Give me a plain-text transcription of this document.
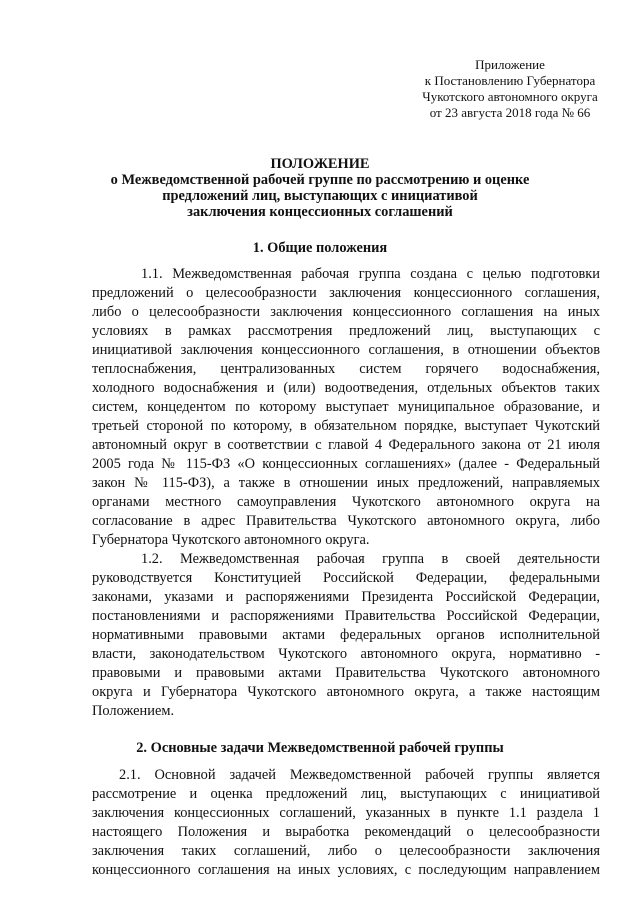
Приложение
к Постановлению Губернатора
Чукотского автономного округа
от 23 августа 2018 года № 66
ПОЛОЖЕНИЕ
о Межведомственной рабочей группе по рассмотрению и оценке
предложений лиц, выступающих с инициативой
заключения концессионных соглашений
1. Общие положения
1.1. Межведомственная рабочая группа создана с целью подготовки
предложений о целесообразности заключения концессионного соглашения,
либо о целесообразности заключения концессионного соглашения на иных
условиях в рамках рассмотрения предложений лиц, выступающих с
инициативой заключения концессионного соглашения, в отношении объектов
теплоснабжения, централизованных систем горячего водоснабжения,
холодного водоснабжения и (или) водоотведения, отдельных объектов таких
систем, концедентом по которому выступает муниципальное образование, и
третьей стороной по которому, в обязательном порядке, выступает Чукотский
автономный округ в соответствии с главой 4 Федерального закона от 21 июля
2005 года № 115-ФЗ «О концессионных соглашениях» (далее - Федеральный
закон № 115-ФЗ), а также в отношении иных предложений, направляемых
органами местного самоуправления Чукотского автономного округа на
согласование в адрес Правительства Чукотского автономного округа, либо
Губернатора Чукотского автономного округа.
1.2. Межведомственная рабочая группа в своей деятельности
руководствуется Конституцией Российской Федерации, федеральными
законами, указами и распоряжениями Президента Российской Федерации,
постановлениями и распоряжениями Правительства Российской Федерации,
нормативными правовыми актами федеральных органов исполнительной
власти, законодательством Чукотского автономного округа, нормативно -
правовыми и правовыми актами Правительства Чукотского автономного
округа и Губернатора Чукотского автономного округа, а также настоящим
Положением.
2. Основные задачи Межведомственной рабочей группы
2.1. Основной задачей Межведомственной рабочей группы является
рассмотрение и оценка предложений лиц, выступающих с инициативой
заключения концессионных соглашений, указанных в пункте 1.1 раздела 1
настоящего Положения и выработка рекомендаций о целесообразности
заключения таких соглашений, либо о целесообразности заключения
концессионного соглашения на иных условиях, с последующим направлением
